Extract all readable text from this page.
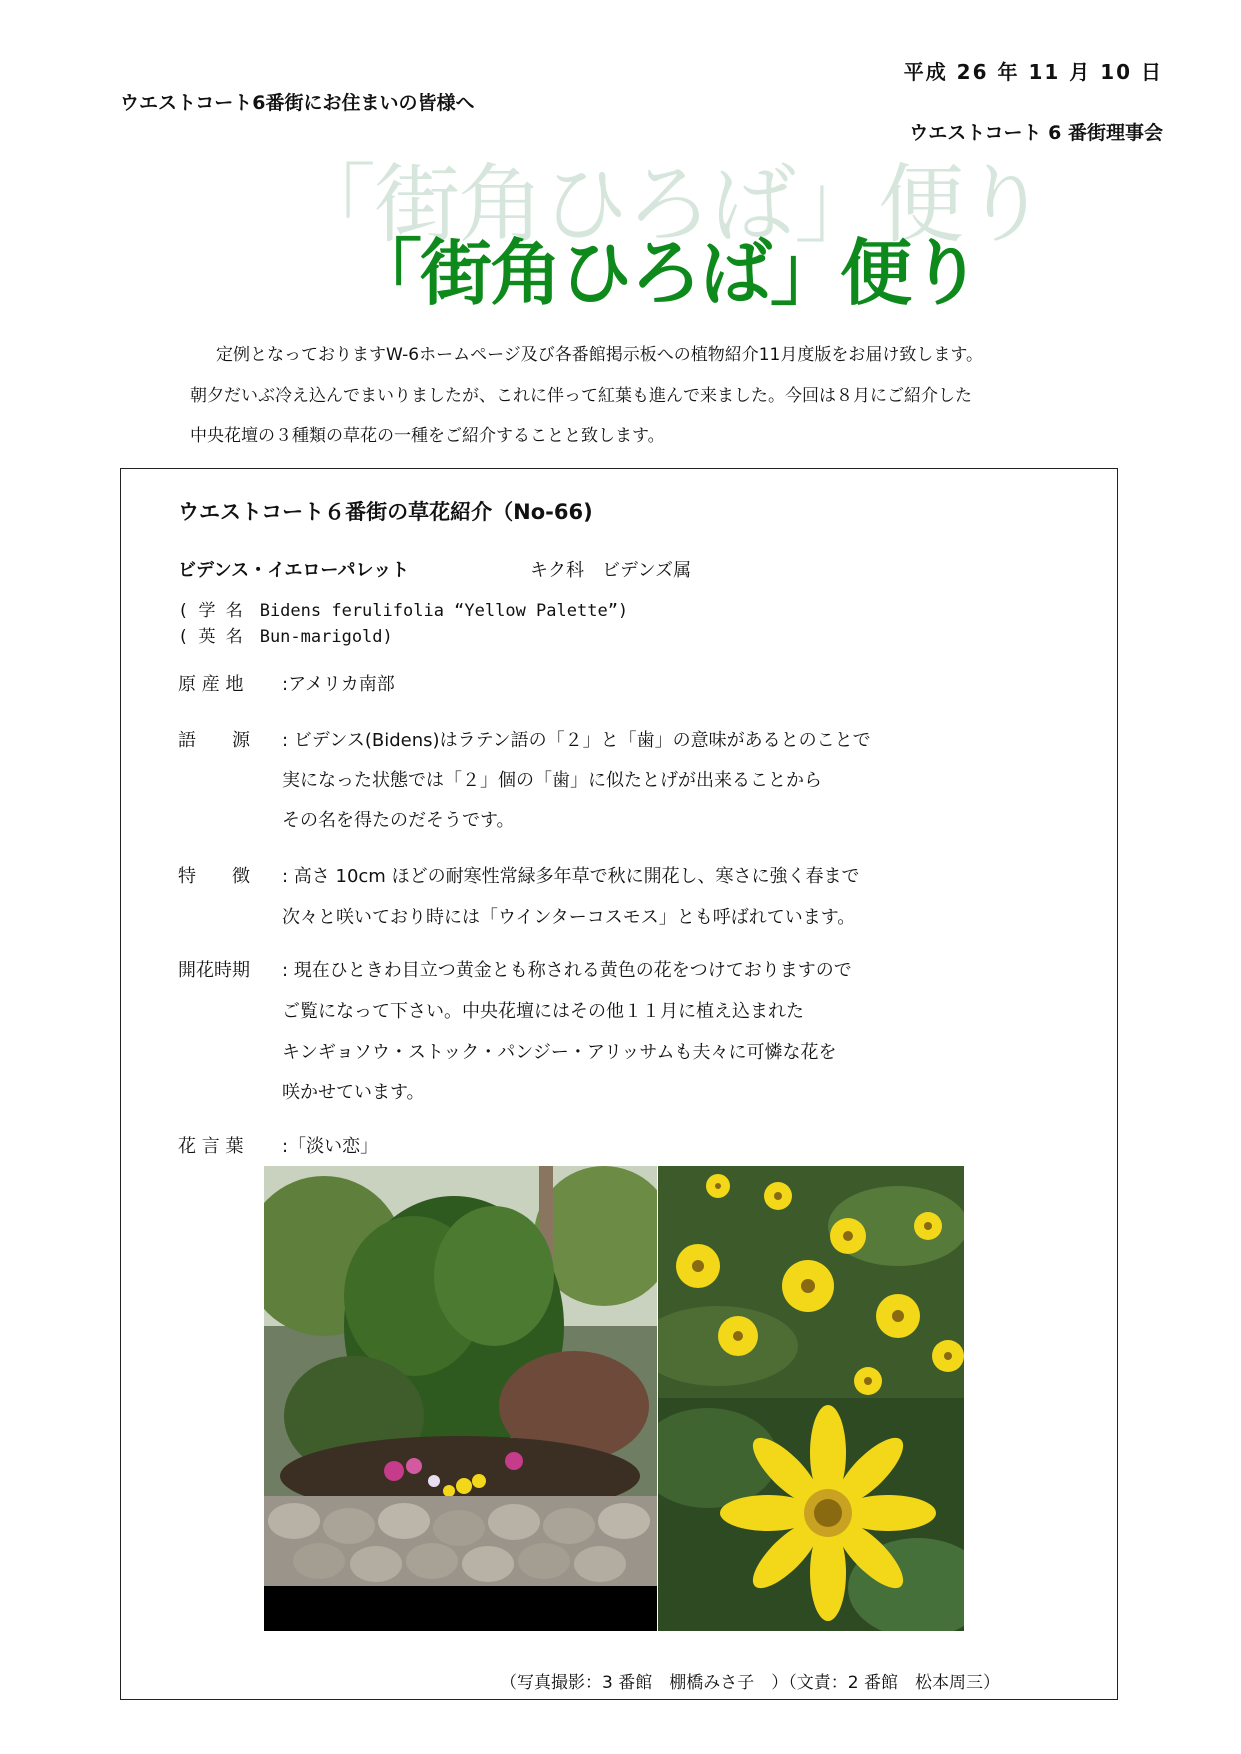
平成 26 年 11 月 10 日
ウエストコート6番街にお住まいの皆様へ
ウエストコート 6 番街理事会
「街角ひろば」便り
「街角ひろば」便り
定例となっておりますW-6ホームページ及び各番館掲示板への植物紹介11月度版をお届け致します。
朝夕だいぶ冷え込んでまいりましたが、これに伴って紅葉も進んで来ました。今回は８月にご紹介した
中央花壇の３種類の草花の一種をご紹介することと致します。
ウエストコート６番街の草花紹介（No-66)
ビデンス・イエローパレット	キク科　ビデンズ属
( 学 名　Bidens ferulifolia “Yellow Palette”)
( 英 名　Bun-marigold)
原 産 地 :アメリカ南部
語　　源 : ビデンス(Bidens)はラテン語の「２」と「歯」の意味があるとのことで
実になった状態では「２」個の「歯」に似たとげが出来ることから
その名を得たのだそうです。
特　　徴 : 高さ 10cm ほどの耐寒性常緑多年草で秋に開花し、寒さに強く春まで
次々と咲いており時には「ウインターコスモス」とも呼ばれています。
開花時期 : 現在ひときわ目立つ黄金とも称される黄色の花をつけておりますので
ご覧になって下さい。中央花壇にはその他１１月に植え込まれた
キンギョソウ・ストック・パンジー・アリッサムも夫々に可憐な花を
咲かせています。
花 言 葉 :「淡い恋」
（写真撮影：3 番館　棚橋みさ子　）（文責：2 番館　松本周三）
